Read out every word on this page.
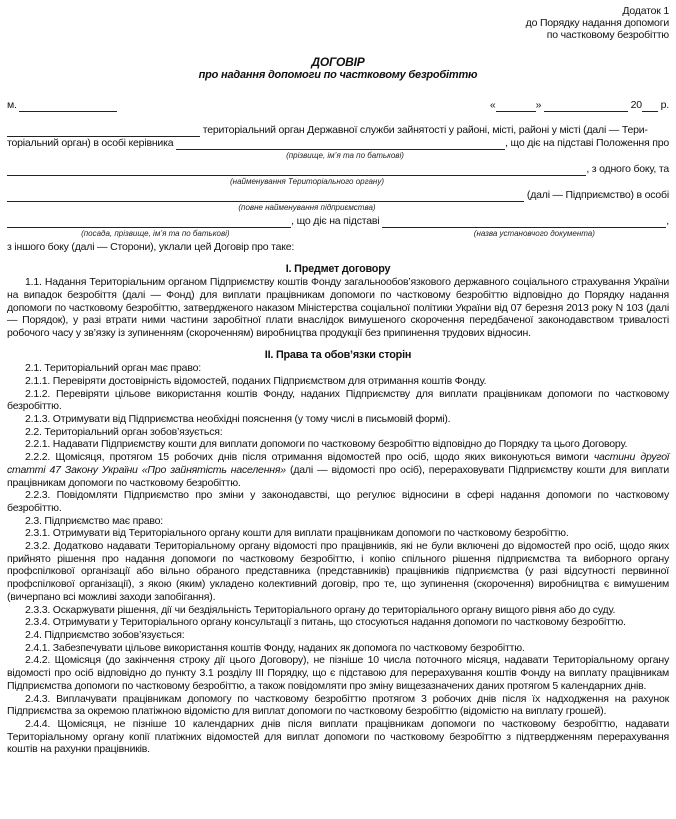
Додаток 1
до Порядку надання допомоги
по частковому безробіттю
ДОГОВІР
про надання допомоги по частковому безробіттю
м.	«	»	20 р.
територіальний орган Державної служби зайнятості у районі, місті, районі у місті (далі — Тери-
торіальний орган) в особі керівника	, що діє на підставі Положення про
(прізвище, ім’я та по батькові)
, з одного боку, та
(найменування Територіального органу)
(далі — Підприємство) в особі
(повне найменування підприємства)
, що діє на підставі	,
(посада, прізвище, ім’я та по батькові)	(назва установчого документа)

з іншого боку (далі — Сторони), уклали цей Договір про таке:

I. Предмет договору

1.1. Надання Територіальним органом Підприємству коштів Фонду загальнообов’язкового державного соціального страхування України на випадок безробіття (далі — Фонд) для виплати працівникам допомоги по частковому безробіттю відповідно до Порядку надання допомоги по частковому безробіттю, затвердженого наказом Міністерства соціальної політики України від 07 березня 2013 року N 103 (далі — Порядок), у разі втрати ними частини заробітної плати внаслідок вимушеного скорочення передбаченої законодавством тривалості робочого часу у зв’язку із зупиненням (скороченням) виробництва продукції без припинення трудових відносин.

II. Права та обов’язки сторін

2.1. Територіальний орган має право:

2.1.1. Перевіряти достовірність відомостей, поданих Підприємством для отримання коштів Фонду.

2.1.2. Перевіряти цільове використання коштів Фонду, наданих Підприємству для виплати працівникам допомоги по частковому безробіттю.

2.1.3. Отримувати від Підприємства необхідні пояснення (у тому числі в письмовій формі).

2.2. Територіальний орган зобов’язується:

2.2.1. Надавати Підприємству кошти для виплати допомоги по частковому безробіттю відповідно до Порядку та цього Договору.

2.2.2. Щомісяця, протягом 15 робочих днів після отримання відомостей про осіб, щодо яких виконуються вимоги частини другої статті 47 Закону України «Про зайнятість населення» (далі — відомості про осіб), перераховувати Підприємству кошти для виплати працівникам допомоги по частковому безробіттю.

2.2.3. Повідомляти Підприємство про зміни у законодавстві, що регулює відносини в сфері надання допомоги по частковому безробіттю.

2.3. Підприємство має право:

2.3.1. Отримувати від Територіального органу кошти для виплати працівникам допомоги по частковому безробіттю.

2.3.2. Додатково надавати Територіальному органу відомості про працівників, які не були включені до відомостей про осіб, щодо яких прийнято рішення про надання допомоги по частковому безробіттю, і копію спільного рішення підприємства та виборного органу профспілкової організації або вільно обраного представника (представників) працівників підприємства (у разі відсутності первинної профспілкової організації), з якою (яким) укладено колективний договір, про те, що зупинення (скорочення) виробництва є вимушеним (вичерпано всі можливі заходи запобігання).

2.3.3. Оскаржувати рішення, дії чи бездіяльність Територіального органу до територіального органу вищого рівня або до суду.

2.3.4. Отримувати у Територіального органу консультації з питань, що стосуються надання допомоги по частковому безробіттю.

2.4. Підприємство зобов’язується:

2.4.1. Забезпечувати цільове використання коштів Фонду, наданих як допомога по частковому безробіттю.

2.4.2. Щомісяця (до закінчення строку дії цього Договору), не пізніше 10 числа поточного місяця, надавати Територіальному органу відомості про осіб відповідно до пункту 3.1 розділу III Порядку, що є підставою для перерахування коштів Фонду на виплату працівникам Підприємства допомоги по частковому безробіттю, а також повідомляти про зміну вищезазначених даних протягом 5 календарних днів.

2.4.3. Виплачувати працівникам допомогу по частковому безробіттю протягом 3 робочих днів після їх надходження на рахунок Підприємства за окремою платіжною відомістю для виплат допомоги по частковому безробіттю (відомістю на виплату грошей).

2.4.4. Щомісяця, не пізніше 10 календарних днів після виплати працівникам допомоги по частковому безробіттю, надавати Територіальному органу копії платіжних відомостей для виплат допомоги по частковому безробіттю з підтвердженням перерахування коштів на рахунки працівників.
